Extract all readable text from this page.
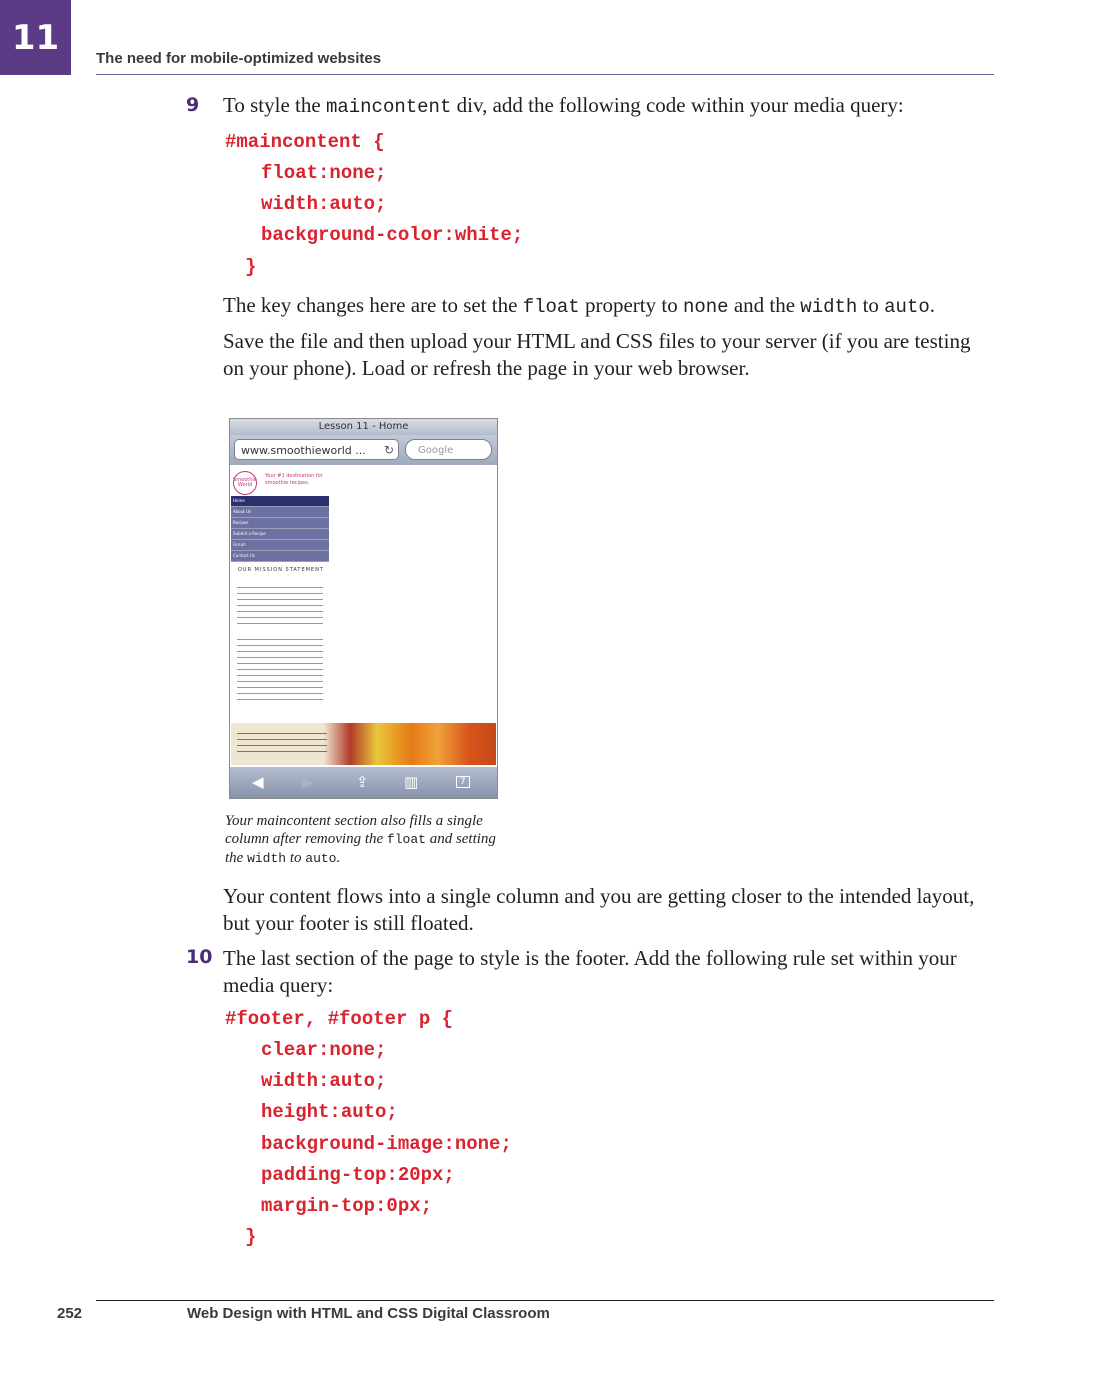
11
The need for mobile-optimized websites
9 To style the maincontent div, add the following code within your media query:
#maincontent {
float:none;
width:auto;
background-color:white;
}
The key changes here are to set the float property to none and the width to auto.
Save the file and then upload your HTML and CSS files to your server (if you are testing
on your phone). Load or refresh the page in your web browser.
Lesson 11 - Home
www.smoothieworld ... ↻	Google
Smoothie World
Your #1 destination for smoothie recipes.
Home
About Us
Recipes
Submit a Recipe
Forum
Contact Us
OUR MISSION STATEMENT
◀	▶	⇪ ▥	7
Your maincontent section also fills a single
column after removing the float and setting
the width to auto.
Your content flows into a single column and you are getting closer to the intended layout,
but your footer is still floated.
10 The last section of the page to style is the footer. Add the following rule set within your
media query:
#footer, #footer p {
clear:none;
width:auto;
height:auto;
background-image:none;
padding-top:20px;
margin-top:0px;
}
252	Web Design with HTML and CSS Digital Classroom
